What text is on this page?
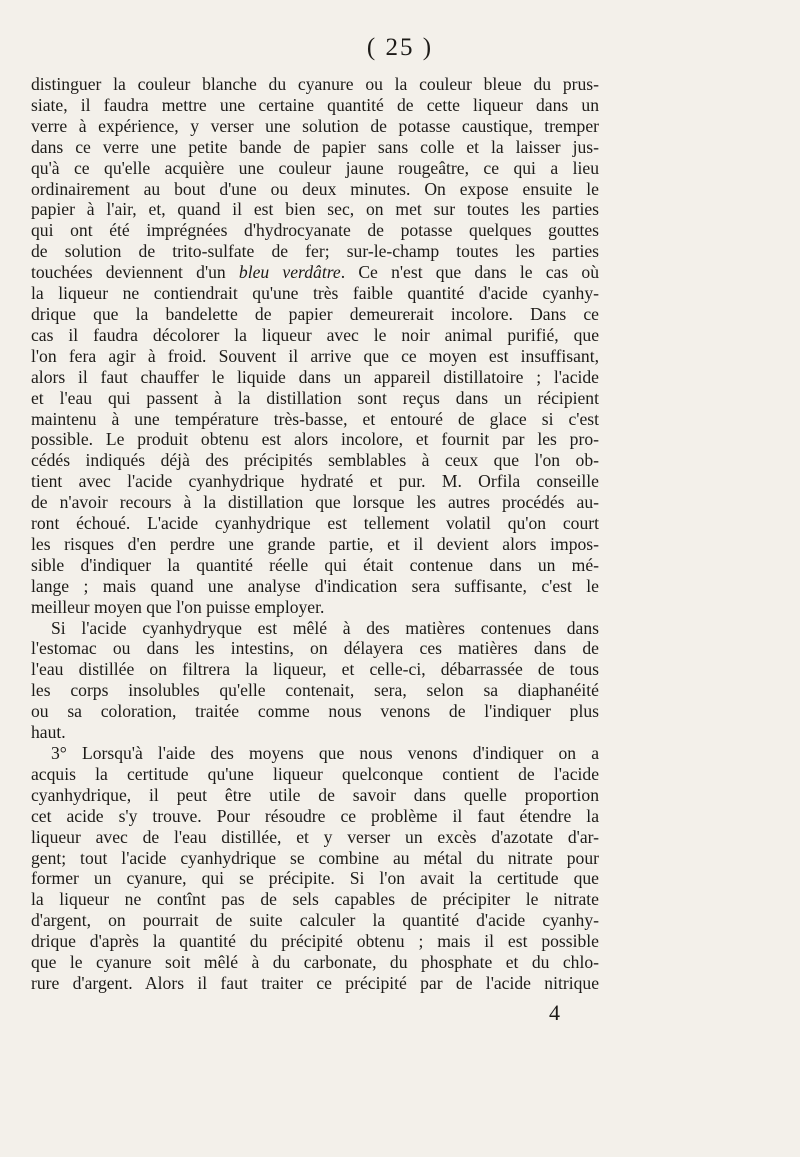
( 25 )
distinguer la couleur blanche du cyanure ou la couleur bleue du prus-
siate, il faudra mettre une certaine quantité de cette liqueur dans un
verre à expérience, y verser une solution de potasse caustique, tremper
dans ce verre une petite bande de papier sans colle et la laisser jus-
qu'à ce qu'elle acquière une couleur jaune rougeâtre, ce qui a lieu
ordinairement au bout d'une ou deux minutes. On expose ensuite le
papier à l'air, et, quand il est bien sec, on met sur toutes les parties
qui ont été imprégnées d'hydrocyanate de potasse quelques gouttes
de solution de trito-sulfate de fer; sur-le-champ toutes les parties
touchées deviennent d'un bleu verdâtre. Ce n'est que dans le cas où
la liqueur ne contiendrait qu'une très faible quantité d'acide cyanhy-
drique que la bandelette de papier demeurerait incolore. Dans ce
cas il faudra décolorer la liqueur avec le noir animal purifié, que
l'on fera agir à froid. Souvent il arrive que ce moyen est insuffisant,
alors il faut chauffer le liquide dans un appareil distillatoire ; l'acide
et l'eau qui passent à la distillation sont reçus dans un récipient
maintenu à une température très-basse, et entouré de glace si c'est
possible. Le produit obtenu est alors incolore, et fournit par les pro-
cédés indiqués déjà des précipités semblables à ceux que l'on ob-
tient avec l'acide cyanhydrique hydraté et pur. M. Orfila conseille
de n'avoir recours à la distillation que lorsque les autres procédés au-
ront échoué. L'acide cyanhydrique est tellement volatil qu'on court
les risques d'en perdre une grande partie, et il devient alors impos-
sible d'indiquer la quantité réelle qui était contenue dans un mé-
lange ; mais quand une analyse d'indication sera suffisante, c'est le
meilleur moyen que l'on puisse employer.
Si l'acide cyanhydryque est mêlé à des matières contenues dans
l'estomac ou dans les intestins, on délayera ces matières dans de
l'eau distillée on filtrera la liqueur, et celle-ci, débarrassée de tous
les corps insolubles qu'elle contenait, sera, selon sa diaphanéité
ou sa coloration, traitée comme nous venons de l'indiquer plus
haut.
3° Lorsqu'à l'aide des moyens que nous venons d'indiquer on a
acquis la certitude qu'une liqueur quelconque contient de l'acide
cyanhydrique, il peut être utile de savoir dans quelle proportion
cet acide s'y trouve. Pour résoudre ce problème il faut étendre la
liqueur avec de l'eau distillée, et y verser un excès d'azotate d'ar-
gent; tout l'acide cyanhydrique se combine au métal du nitrate pour
former un cyanure, qui se précipite. Si l'on avait la certitude que
la liqueur ne contînt pas de sels capables de précipiter le nitrate
d'argent, on pourrait de suite calculer la quantité d'acide cyanhy-
drique d'après la quantité du précipité obtenu ; mais il est possible
que le cyanure soit mêlé à du carbonate, du phosphate et du chlo-
rure d'argent. Alors il faut traiter ce précipité par de l'acide nitrique
4
